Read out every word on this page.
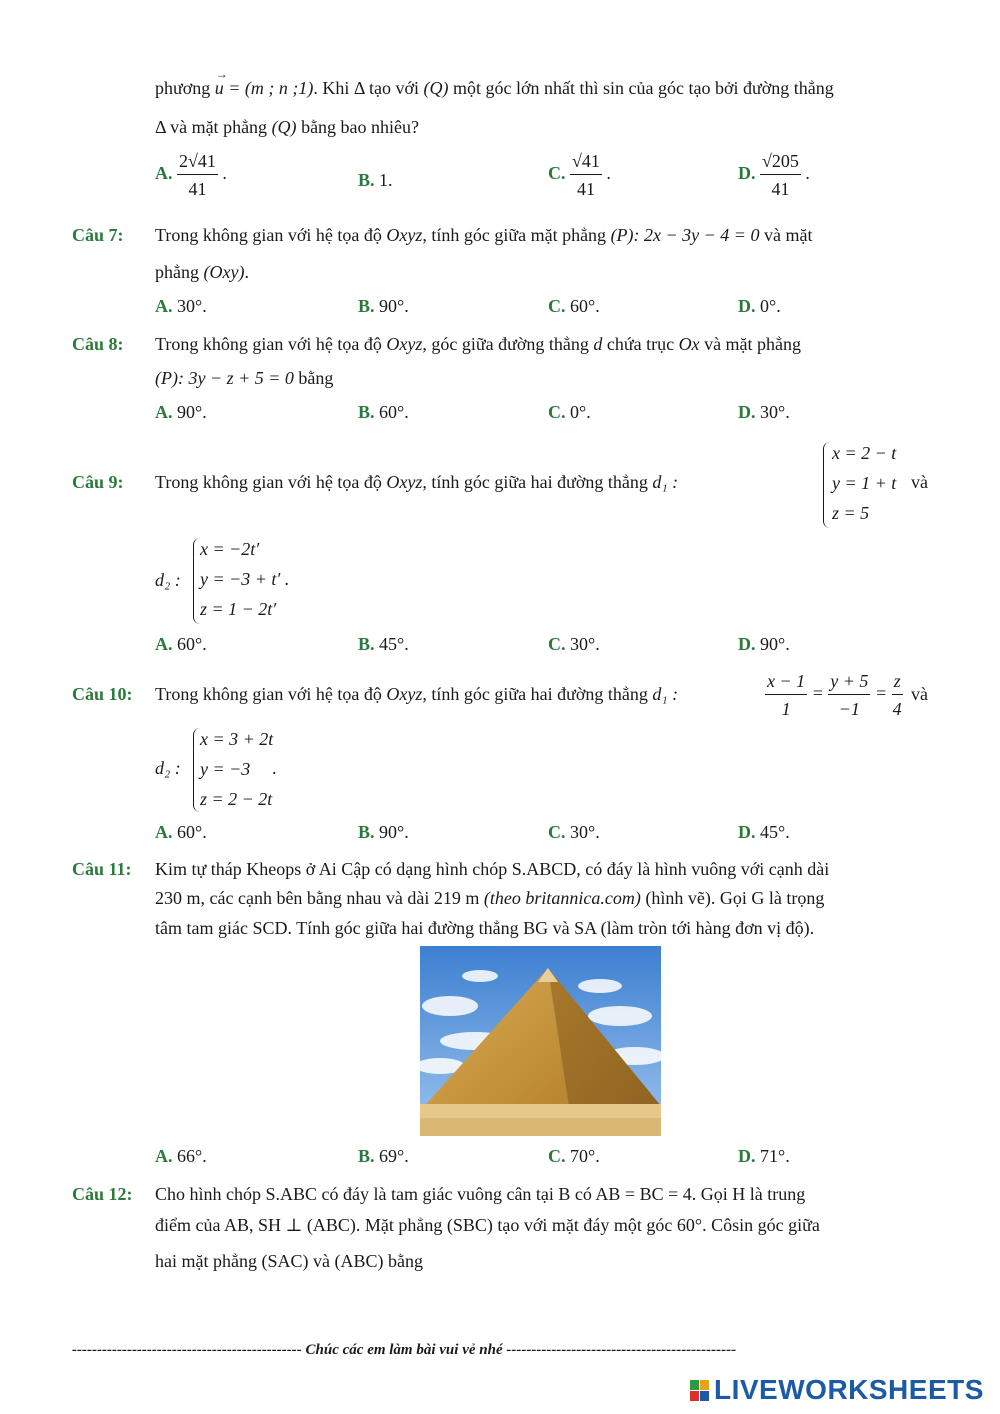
phương
→
u = (m ; n ;1). Khi Δ tạo với (Q) một góc lớn nhất thì sin của góc tạo bởi đường thẳng
Δ và mặt phẳng (Q) bằng bao nhiêu?
A. $\frac{2√41}{41}$ .	B. 1.	C. $\frac{√41}{41}$ .	D. $\frac{√205}{41}$ .
Câu 7: Trong không gian với hệ tọa độ Oxyz, tính góc giữa mặt phẳng (P): 2x − 3y − 4 = 0 và mặt
phẳng (Oxy).
A. 30°.	B. 90°.	C. 60°.	D. 0°.
Câu 8: Trong không gian với hệ tọa độ Oxyz, góc giữa đường thẳng d chứa trục Ox và mặt phẳng
(P): 3y − z + 5 = 0 bằng
A. 90°.	B. 60°.	C. 0°.	D. 30°.
Câu 9: Trong không gian với hệ tọa độ Oxyz, tính góc giữa hai đường thẳng d₁ :
x = 2 − t
y = 1 + t
z = 5
và
d₂ :
x = −2t′
y = −3 + t′ .
z = 1 − 2t′
A. 60°.	B. 45°.	C. 30°.	D. 90°.
Câu 10: Trong không gian với hệ tọa độ Oxyz, tính góc giữa hai đường thẳng d₁ :	$\frac{x - 1}{1} = \frac{y + 5}{-1} = \frac{z}{4}$ và
d₂ :
x = 3 + 2t
y = −3
z = 2 − 2t
.
A. 60°.	B. 90°.	C. 30°.	D. 45°.
Câu 11: Kim tự tháp Kheops ở Ai Cập có dạng hình chóp S.ABCD, có đáy là hình vuông với cạnh dài
230 m, các cạnh bên bằng nhau và dài 219 m (theo britannica.com) (hình vẽ). Gọi G là trọng
tâm tam giác SCD. Tính góc giữa hai đường thẳng BG và SA (làm tròn tới hàng đơn vị độ).
A. 66°.	B. 69°.	C. 70°.	D. 71°.
Câu 12: Cho hình chóp S.ABC có đáy là tam giác vuông cân tại B có AB = BC = 4. Gọi H là trung
điểm của AB, SH ⊥ (ABC). Mặt phẳng (SBC) tạo với mặt đáy một góc 60°. Côsin góc giữa
hai mặt phẳng (SAC) và (ABC) bằng
---------------------------------------------- Chúc các em làm bài vui vẻ nhé ----------------------------------------------
LIVEWORKSHEETS
